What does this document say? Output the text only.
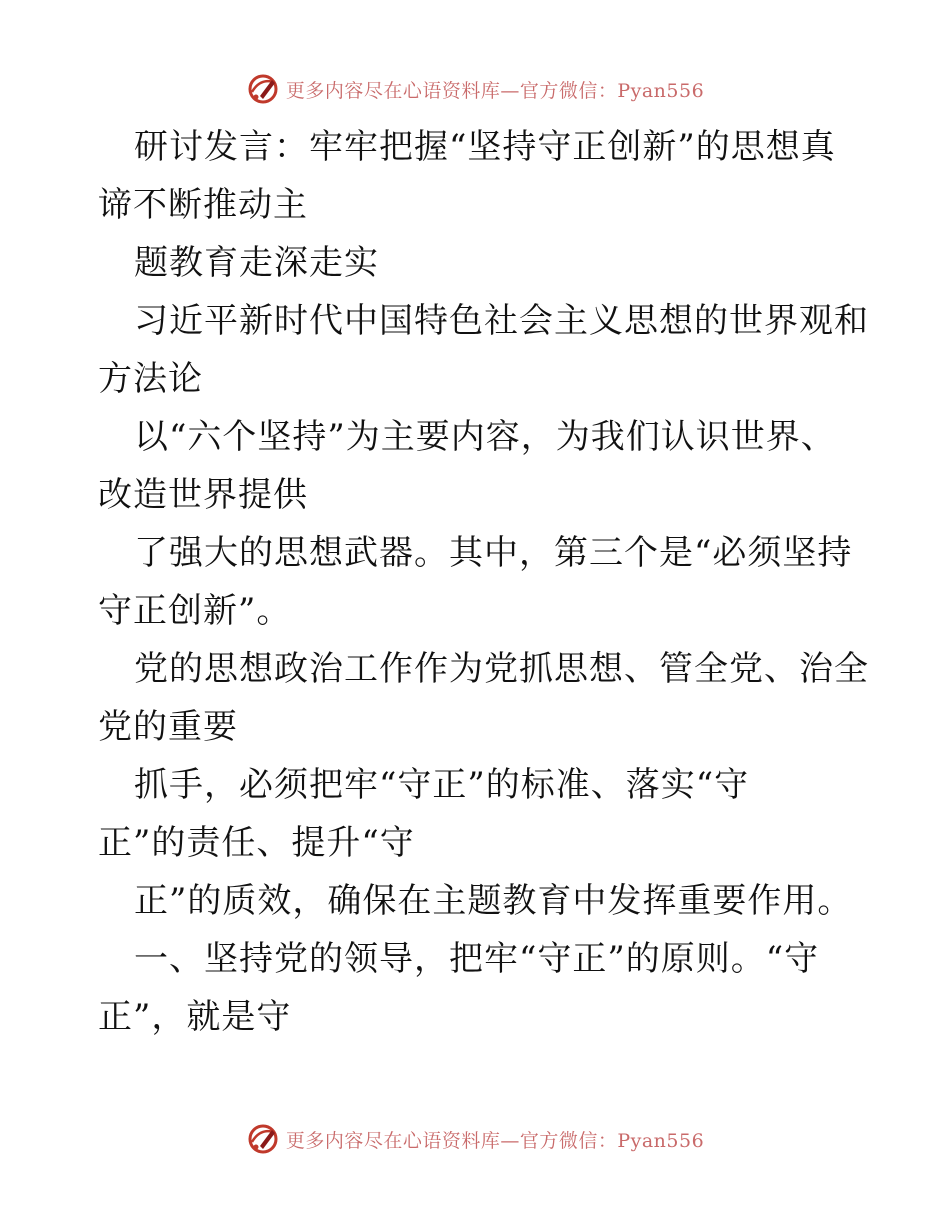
更多内容尽在心语资料库—官方微信：Pyan556
研讨发言：牢牢把握“坚持守正创新”的思想真
谛不断推动主
题教育走深走实
习近平新时代中国特色社会主义思想的世界观和
方法论
以“六个坚持”为主要内容，为我们认识世界、
改造世界提供
了强大的思想武器。其中，第三个是“必须坚持
守正创新”。
党的思想政治工作作为党抓思想、管全党、治全
党的重要
抓手，必须把牢“守正”的标准、落实“守
正”的责任、提升“守
正”的质效，确保在主题教育中发挥重要作用。
一、坚持党的领导，把牢“守正”的原则。“守
正”，就是守
更多内容尽在心语资料库—官方微信：Pyan556
